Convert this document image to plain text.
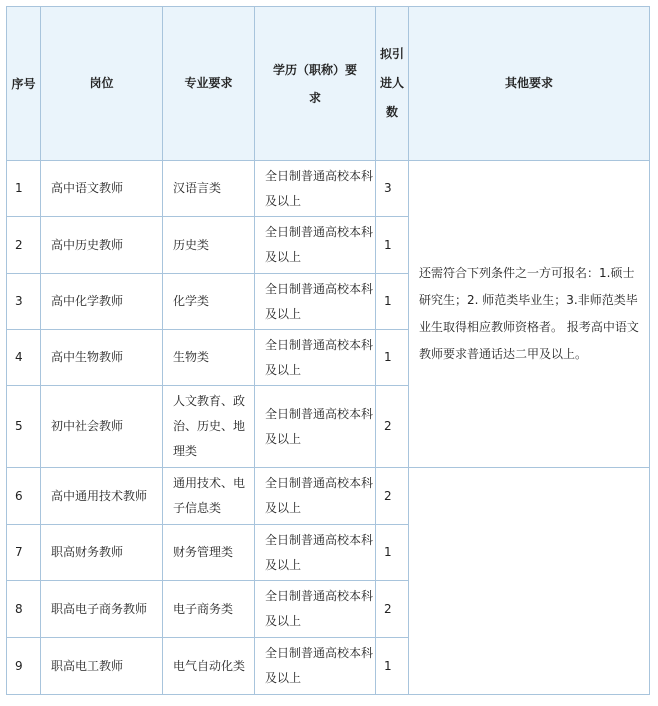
序号	岗位	专业要求	学历（职称）要求	拟引进人数	其他要求
1	高中语文教师	汉语言类	全日制普通高校本科及以上	3	还需符合下列条件之一方可报名：1.硕士研究生；2. 师范类毕业生；3.非师范类毕业生取得相应教师资格者。 报考高中语文教师要求普通话达二甲及以上。
2	高中历史教师	历史类	全日制普通高校本科及以上	1	
3	高中化学教师	化学类	全日制普通高校本科及以上	1	
4	高中生物教师	生物类	全日制普通高校本科及以上	1	
5	初中社会教师	人文教育、政治、历史、地理类	全日制普通高校本科及以上	2	
6	高中通用技术教师	通用技术、电子信息类	全日制普通高校本科及以上	2	
7	职高财务教师	财务管理类	全日制普通高校本科及以上	1	
8	职高电子商务教师	电子商务类	全日制普通高校本科及以上	2	
9	职高电工教师	电气自动化类	全日制普通高校本科及以上	1	
